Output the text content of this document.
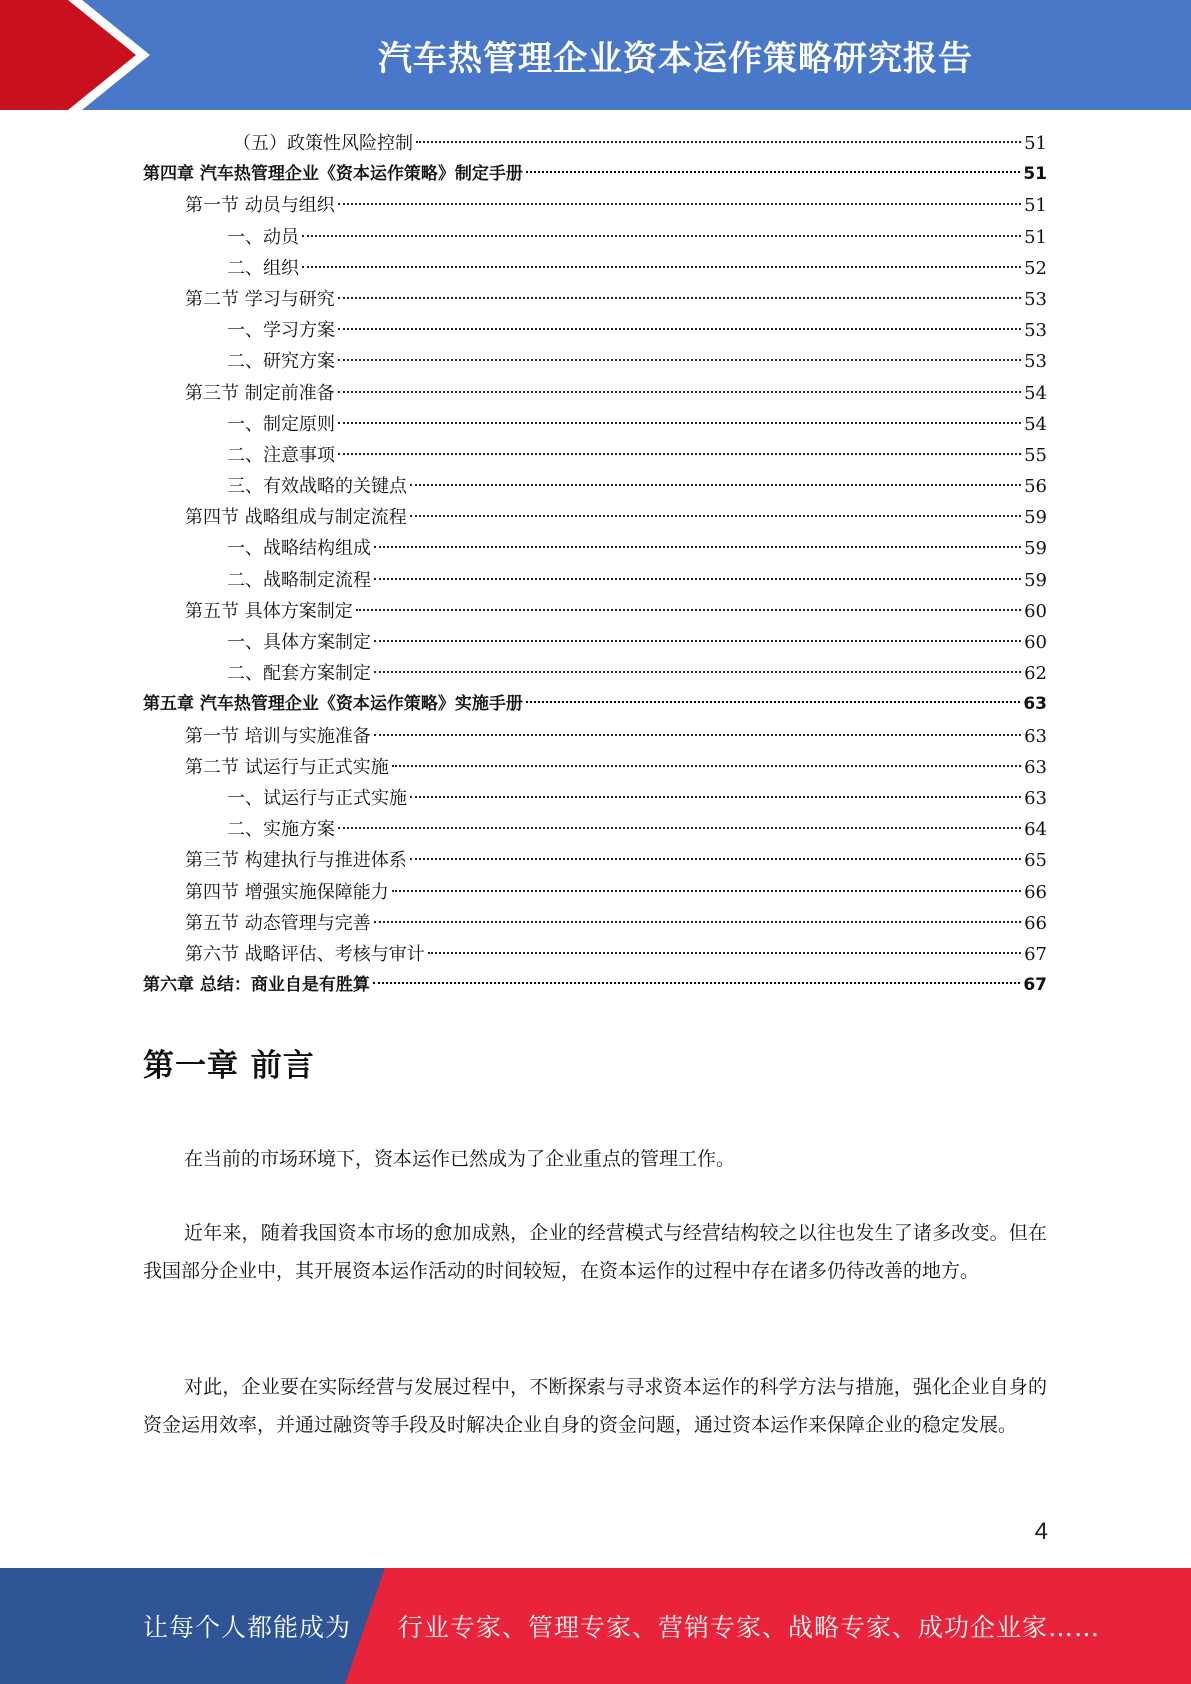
汽车热管理企业资本运作策略研究报告
（五）政策性风险控制	51
第四章 汽车热管理企业《资本运作策略》制定手册	51
第一节 动员与组织	51
一、动员	51
二、组织	52
第二节 学习与研究	53
一、学习方案	53
二、研究方案	53
第三节 制定前准备	54
一、制定原则	54
二、注意事项	55
三、有效战略的关键点	56
第四节 战略组成与制定流程	59
一、战略结构组成	59
二、战略制定流程	59
第五节 具体方案制定	60
一、具体方案制定	60
二、配套方案制定	62
第五章 汽车热管理企业《资本运作策略》实施手册	63
第一节 培训与实施准备	63
第二节 试运行与正式实施	63
一、试运行与正式实施	63
二、实施方案	64
第三节 构建执行与推进体系	65
第四节 增强实施保障能力	66
第五节 动态管理与完善	66
第六节 战略评估、考核与审计	67
第六章 总结：商业自是有胜算	67
第一章 前言

在当前的市场环境下，资本运作已然成为了企业重点的管理工作。

近年来，随着我国资本市场的愈加成熟，企业的经营模式与经营结构较之以往也发生了诸多改变。但在我国部分企业中，其开展资本运作活动的时间较短，在资本运作的过程中存在诸多仍待改善的地方。

对此，企业要在实际经营与发展过程中，不断探索与寻求资本运作的科学方法与措施，强化企业自身的资金运用效率，并通过融资等手段及时解决企业自身的资金问题，通过资本运作来保障企业的稳定发展。

4
让每个人都能成为 行业专家、管理专家、营销专家、战略专家、成功企业家……
